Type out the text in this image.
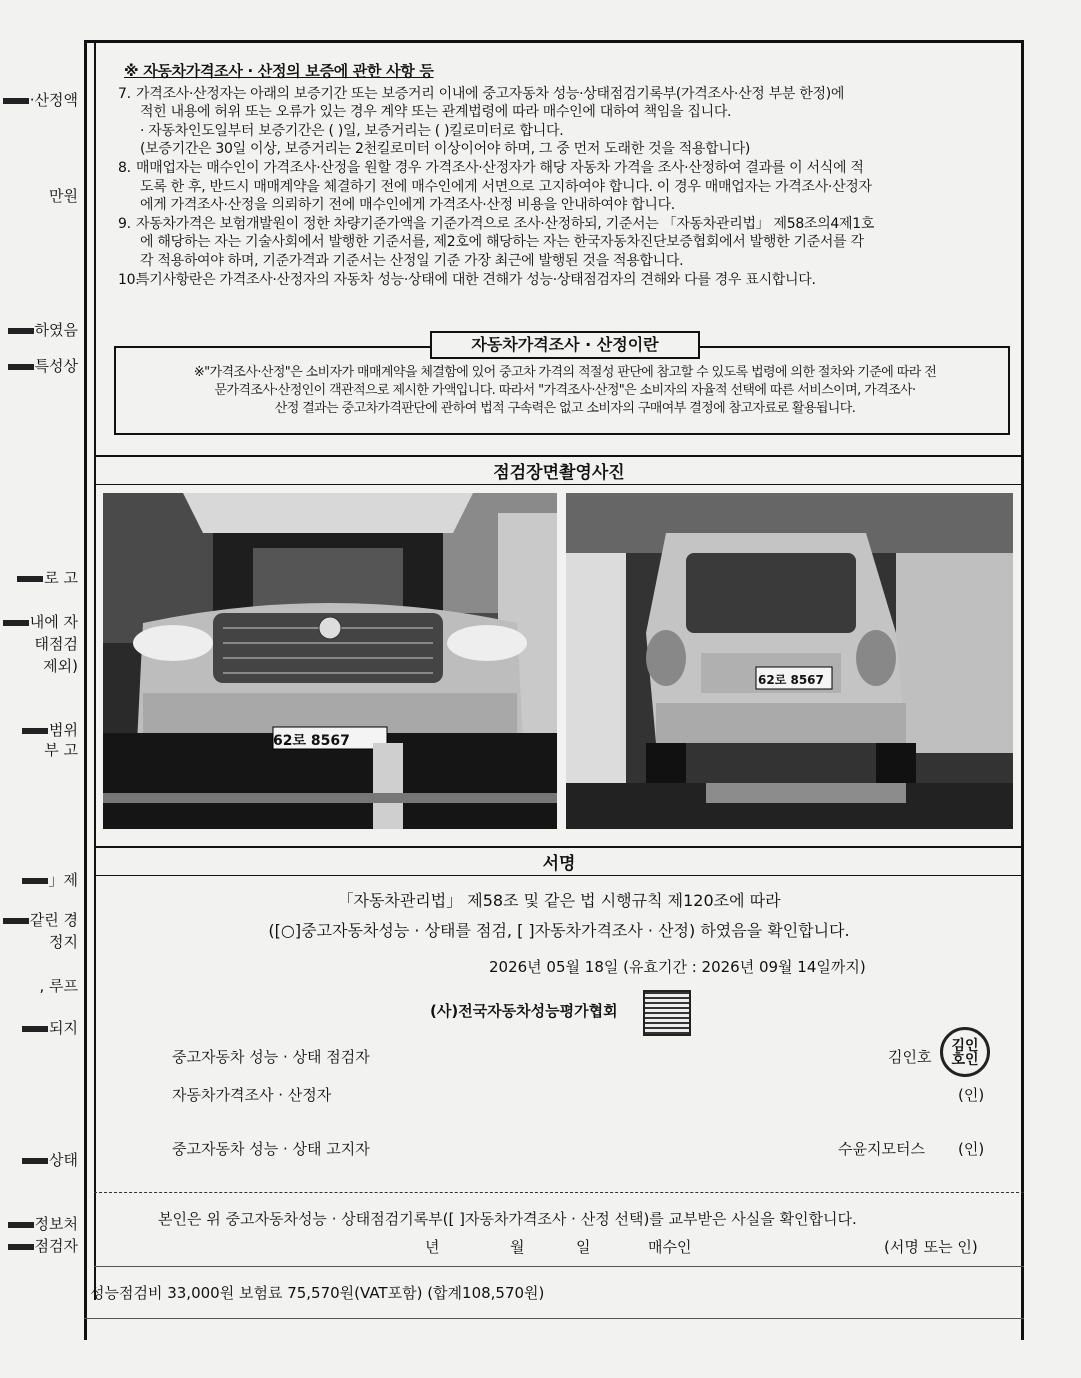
·산정액
만원
하였음
특성상
로 고
내에 자
태점검
제외)
범위
부 고
」제
같린 경
정지
, 루프
되지
상태
정보처
점검자

※ 자동차가격조사 · 산정의 보증에 관한 사항 등

7. 가격조사·산정자는 아래의 보증기간 또는 보증거리 이내에 중고자동차 성능·상태점검기록부(가격조사·산정 부분 한정)에

적힌 내용에 허위 또는 오류가 있는 경우 계약 또는 관계법령에 따라 매수인에 대하여 책임을 집니다.

· 자동차인도일부터 보증기간은 ( )일, 보증거리는 ( )킬로미터로 합니다.

(보증기간은 30일 이상, 보증거리는 2천킬로미터 이상이어야 하며, 그 중 먼저 도래한 것을 적용합니다)

8. 매매업자는 매수인이 가격조사·산정을 원할 경우 가격조사·산정자가 해당 자동차 가격을 조사·산정하여 결과를 이 서식에 적

도록 한 후, 반드시 매매계약을 체결하기 전에 매수인에게 서면으로 고지하여야 합니다. 이 경우 매매업자는 가격조사·산정자

에게 가격조사·산정을 의뢰하기 전에 매수인에게 가격조사·산정 비용을 안내하여야 합니다.

9. 자동차가격은 보험개발원이 정한 차량기준가액을 기준가격으로 조사·산정하되, 기준서는 「자동차관리법」 제58조의4제1호

에 해당하는 자는 기술사회에서 발행한 기준서를, 제2호에 해당하는 자는 한국자동차진단보증협회에서 발행한 기준서를 각

각 적용하여야 하며, 기준가격과 기준서는 산정일 기준 가장 최근에 발행된 것을 적용합니다.

10.특기사항란은 가격조사·산정자의 자동차 성능·상태에 대한 견해가 성능·상태점검자의 견해와 다를 경우 표시합니다.

자동차가격조사 · 산정이란
※"가격조사·산정"은 소비자가 매매계약을 체결함에 있어 중고차 가격의 적절성 판단에 참고할 수 있도록 법령에 의한 절차와 기준에 따라 전
문가격조사·산정인이 객관적으로 제시한 가액입니다. 따라서 "가격조사·산정"은 소비자의 자율적 선택에 따른 서비스이며, 가격조사·
산정 결과는 중고차가격판단에 관하여 법적 구속력은 없고 소비자의 구매여부 결정에 참고자료로 활용됩니다.
점검장면촬영사진
62로 8567
62로 8567
서명
「자동차관리법」 제58조 및 같은 법 시행규칙 제120조에 따라
([○]중고자동차성능 · 상태를 점검, [ ]자동차가격조사 · 산정) 하였음을 확인합니다.
2026년 05월 18일 (유효기간 : 2026년 09월 14일까지)
(사)전국자동차성능평가협회
중고자동차 성능 · 상태 점검자	김인호
김인
호인
자동차가격조사 · 산정자	(인)
중고자동차 성능 · 상태 고지자	수윤지모터스 (인)
본인은 위 중고자동차성능 · 상태점검기록부([ ]자동차가격조사 · 산정 선택)를 교부받은 사실을 확인합니다.
년	월	일	매수인	(서명 또는 인)
성능점검비 33,000원 보험료 75,570원(VAT포함) (합계108,570원)
